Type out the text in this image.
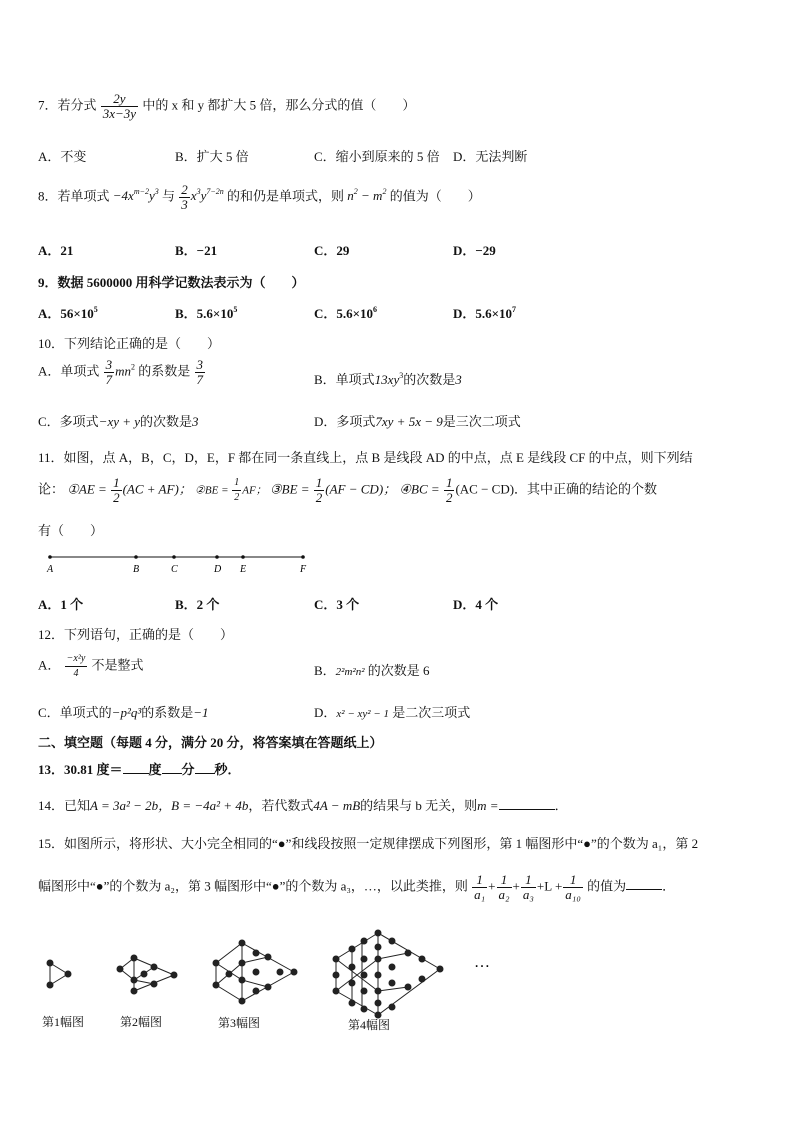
7．若分式 $\frac{2y}{3x-3y}$ 中的 x 和 y 都扩大 5 倍，那么分式的值（　　）
A．不变	B．扩大 5 倍	C．缩小到原来的 5 倍 D．无法判断
8．若单项式 $-4x^{m-2}y^3$ 与 $\frac{2}{3} x^3y^{7-2n}$ 的和仍是单项式，则 $n^2 - m^2$ 的值为（　　）
A．21	B．−21	C．29	D．−29
9．数据 5600000 用科学记数法表示为（　　）
A．$56\times 10^5$	B．$5.6\times 10^5$	C．$5.6\times 10^6$	D．$5.6\times 10^7$
10．下列结论正确的是（　　）
A．单项式 $\frac{3}{7} mn^2$ 的系数是 $\frac{3}{7}$	B．单项式$13xy^3$的次数是3
C．多项式−xy + y的次数是3	D．多项式7xy + 5x − 9是三次二项式
11．如图，点 A，B，C，D，E，F 都在同一条直线上，点 B 是线段 AD 的中点，点 E 是线段 CF 的中点，则下列结
论： ①AE = $\frac{1}{2} (AC + AF)$； ②BE = $\frac{1}{2}$ AF； ③BE = $\frac{1}{2} (AF - CD)$； ④BC = $\frac{1}{2} (AC - CD)$．其中正确的结论的个数
有（　　）
A	B	C	D E	F
A．1 个	B．2 个	C．3 个	D．4 个
12．下列语句，正确的是（　　）
A． $\frac{\text{−x²y}}{4}$ 不是整式	B．2²m²n² 的次数是 6
C．单项式的−p²q³的系数是−1	D．x² − xy² − 1 是二次三项式
二、填空题（每题 4 分，满分 20 分，将答案填在答题纸上）
13．30.81 度＝ 度 分 秒．
14．已知A = 3a² − 2b，B = −4a² + 4b，若代数式4A − mB的结果与 b 无关，则m =	．
15．如图所示，将形状、大小完全相同的“●”和线段按照一定规律摆成下列图形，第 1 幅图形中“●”的个数为 a₁，第 2
幅图形中“●”的个数为 a₂，第 3 幅图形中“●”的个数为 a₃，…，以此类推，则 $\frac{1}{\text{a₁}} + \frac{1}{\text{a₂}} + \frac{1}{\text{a₃}} +L + \frac{1}{\text{a₁₀}}$ 的值为	．
…
第1幅图	第2幅图	第3幅图	第4幅图
